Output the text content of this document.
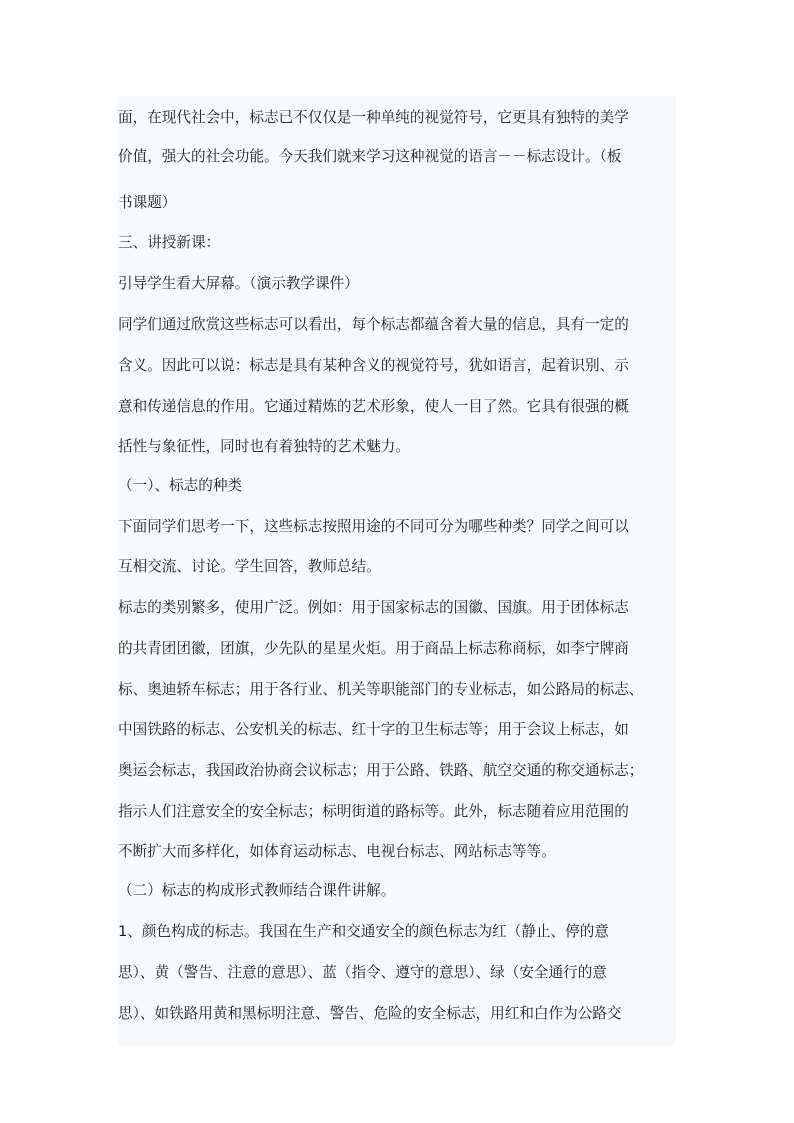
面，在现代社会中，标志已不仅仅是一种单纯的视觉符号，它更具有独特的美学
价值，强大的社会功能。今天我们就来学习这种视觉的语言－－标志设计。（板
书课题）
三、讲授新课：
引导学生看大屏幕。（演示教学课件）
同学们通过欣赏这些标志可以看出，每个标志都蕴含着大量的信息，具有一定的
含义。因此可以说：标志是具有某种含义的视觉符号，犹如语言，起着识别、示
意和传递信息的作用。它通过精炼的艺术形象，使人一目了然。它具有很强的概
括性与象征性，同时也有着独特的艺术魅力。
（一）、标志的种类
下面同学们思考一下，这些标志按照用途的不同可分为哪些种类？同学之间可以
互相交流、讨论。学生回答，教师总结。
标志的类别繁多，使用广泛。例如：用于国家标志的国徽、国旗。用于团体标志
的共青团团徽，团旗，少先队的星星火炬。用于商品上标志称商标，如李宁牌商
标、奥迪轿车标志；用于各行业、机关等职能部门的专业标志，如公路局的标志、
中国铁路的标志、公安机关的标志、红十字的卫生标志等；用于会议上标志，如
奥运会标志，我国政治协商会议标志；用于公路、铁路、航空交通的称交通标志；
指示人们注意安全的安全标志；标明街道的路标等。此外，标志随着应用范围的
不断扩大而多样化，如体育运动标志、电视台标志、网站标志等等。
（二）标志的构成形式教师结合课件讲解。
1、颜色构成的标志。我国在生产和交通安全的颜色标志为红（静止、停的意
思）、黄（警告、注意的意思）、蓝（指令、遵守的意思）、绿（安全通行的意
思）、如铁路用黄和黑标明注意、警告、危险的安全标志，用红和白作为公路交
